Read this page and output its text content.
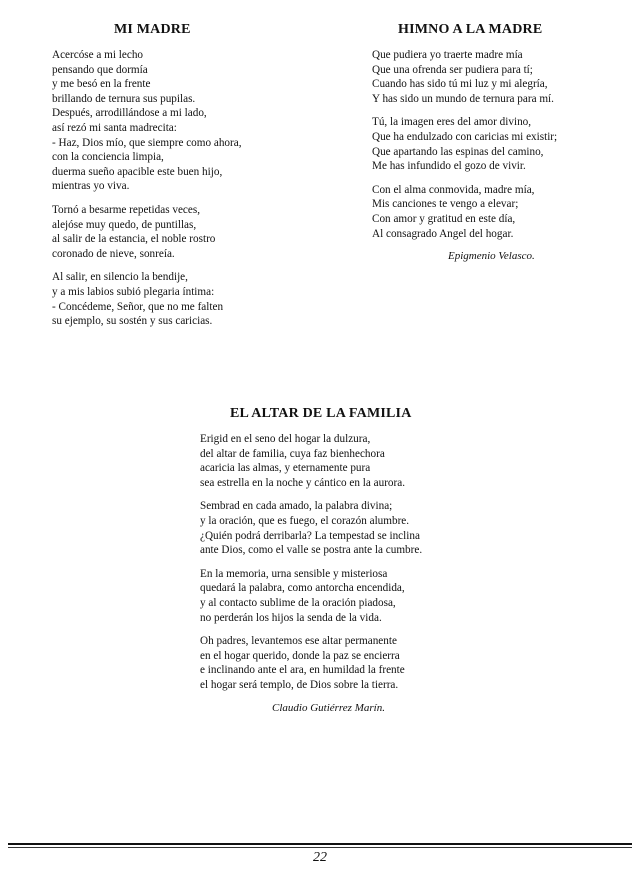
MI MADRE
Acercóse a mi lecho
pensando que dormía
y me besó en la frente
brillando de ternura sus pupilas.
Después, arrodillándose a mi lado,
así rezó mi santa madrecita:
- Haz, Dios mío, que siempre como ahora,
con la conciencia limpia,
duerma sueño apacible este buen hijo,
mientras yo viva.
Tornó a besarme repetidas veces,
alejóse muy quedo, de puntillas,
al salir de la estancia, el noble rostro
coronado de nieve, sonreía.
Al salir, en silencio la bendije,
y a mis labios subió plegaria íntima:
- Concédeme, Señor, que no me falten
su ejemplo, su sostén y sus caricias.
HIMNO A LA MADRE
Que pudiera yo traerte madre mía
Que una ofrenda ser pudiera para tí;
Cuando has sido tú mi luz y mi alegría,
Y has sido un mundo de ternura para mí.
Tú, la imagen eres del amor divino,
Que ha endulzado con caricias mi existir;
Que apartando las espinas del camino,
Me has infundido el gozo de vivir.
Con el alma conmovida, madre mía,
Mis canciones te vengo a elevar;
Con amor y gratitud en este día,
Al consagrado Angel del hogar.
Epigmenio Velasco.
EL ALTAR DE LA FAMILIA
Erigid en el seno del hogar la dulzura,
del altar de familia, cuya faz bienhechora
acaricia las almas, y eternamente pura
sea estrella en la noche y cántico en la aurora.
Sembrad en cada amado, la palabra divina;
y la oración, que es fuego, el corazón alumbre.
¿Quién podrá derribarla? La tempestad se inclina
ante Dios, como el valle se postra ante la cumbre.
En la memoria, urna sensible y misteriosa
quedará la palabra, como antorcha encendida,
y al contacto sublime de la oración piadosa,
no perderán los hijos la senda de la vida.
Oh padres, levantemos ese altar permanente
en el hogar querido, donde la paz se encierra
e inclinando ante el ara, en humildad la frente
el hogar será templo, de Dios sobre la tierra.
Claudio Gutiérrez Marín.
22
